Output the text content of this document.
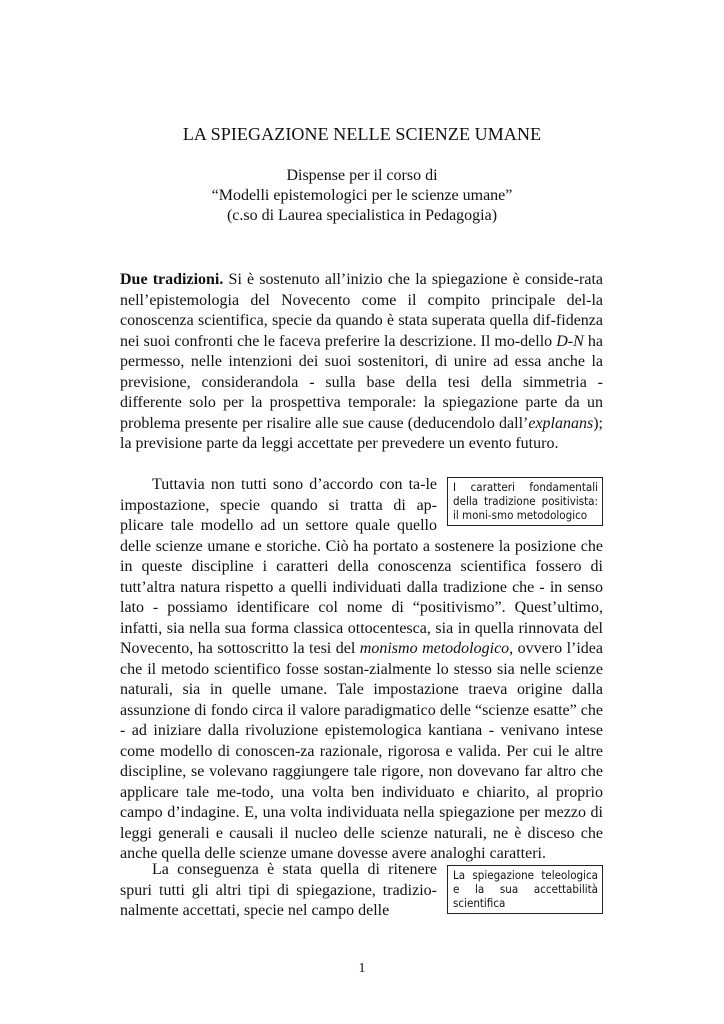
LA SPIEGAZIONE NELLE SCIENZE UMANE
Dispense per il corso di
“Modelli epistemologici per le scienze umane”
(c.so di Laurea specialistica in Pedagogia)
Due tradizioni. Si è sostenuto all’inizio che la spiegazione è conside-rata nell’epistemologia del Novecento come il compito principale del-la conoscenza scientifica, specie da quando è stata superata quella dif-fidenza nei suoi confronti che le faceva preferire la descrizione. Il mo-dello D-N ha permesso, nelle intenzioni dei suoi sostenitori, di unire ad essa anche la previsione, considerandola - sulla base della tesi della simmetria - differente solo per la prospettiva temporale: la spiegazione parte da un problema presente per risalire alle sue cause (deducendolo dall’explanans); la previsione parte da leggi accettate per prevedere un evento futuro.
I caratteri fondamentali della tradizione positivista: il moni-smo metodologico
Tuttavia non tutti sono d’accordo con ta-le impostazione, specie quando si tratta di ap-plicare tale modello ad un settore quale quello delle scienze umane e storiche. Ciò ha portato a sostenere la posizione che in queste discipline i caratteri della conoscenza scientifica fossero di tutt’altra natura rispetto a quelli individuati dalla tradizione che - in senso lato - possiamo identificare col nome di “positivismo”. Quest’ultimo, infatti, sia nella sua forma classica ottocentesca, sia in quella rinnovata del Novecento, ha sottoscritto la tesi del monismo metodologico, ovvero l’idea che il metodo scientifico fosse sostan-zialmente lo stesso sia nelle scienze naturali, sia in quelle umane. Tale impostazione traeva origine dalla assunzione di fondo circa il valore paradigmatico delle “scienze esatte” che - ad iniziare dalla rivoluzione epistemologica kantiana - venivano intese come modello di conoscen-za razionale, rigorosa e valida. Per cui le altre discipline, se volevano raggiungere tale rigore, non dovevano far altro che applicare tale me-todo, una volta ben individuato e chiarito, al proprio campo d’indagine. E, una volta individuata nella spiegazione per mezzo di leggi generali e causali il nucleo delle scienze naturali, ne è disceso che anche quella delle scienze umane dovesse avere analoghi caratteri.
La spiegazione teleologica e la sua accettabilità scientifica
La conseguenza è stata quella di ritenere spuri tutti gli altri tipi di spiegazione, tradizio-nalmente accettati, specie nel campo delle
1
